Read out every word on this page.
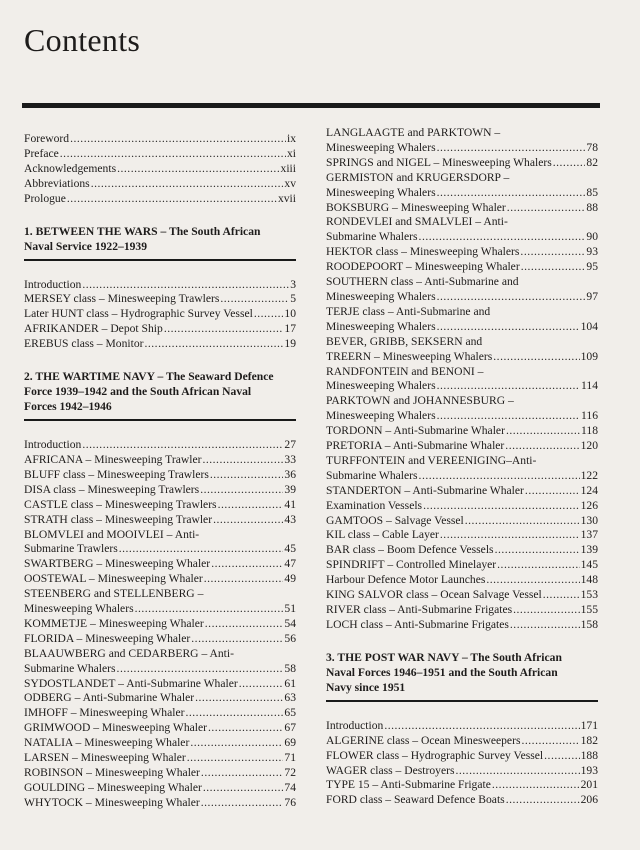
Contents
Foreword .....	ix
Preface .....	xi
Acknowledgements .....	xiii
Abbreviations .....	xv
Prologue .....	xvii
1. BETWEEN THE WARS – The South African
Naval Service 1922–1939
Introduction .....	3
MERSEY class – Minesweeping Trawlers .....	5
Later HUNT class – Hydrographic Survey Vessel .....	10
AFRIKANDER – Depot Ship .....	17
EREBUS class – Monitor .....	19
2. THE WARTIME NAVY – The Seaward Defence
Force 1939–1942 and the South African Naval
Forces 1942–1946
Introduction .....	27
AFRICANA – Minesweeping Trawler .....	33
BLUFF class – Minesweeping Trawlers .....	36
DISA class – Minesweeping Trawlers .....	39
CASTLE class – Minesweeping Trawlers .....	41
STRATH class – Minesweeping Trawler .....	43
BLOMVLEI and MOOIVLEI – Anti-
Submarine Trawlers .....	45
SWARTBERG – Minesweeping Whaler .....	47
OOSTEWAL – Minesweeping Whaler .....	49
STEENBERG and STELLENBERG –
Minesweeping Whalers .....	51
KOMMETJE – Minesweeping Whaler .....	54
FLORIDA – Minesweeping Whaler .....	56
BLAAUWBERG and CEDARBERG – Anti-
Submarine Whalers .....	58
SYDOSTLANDET – Anti-Submarine Whaler .....	61
ODBERG – Anti-Submarine Whaler .....	63
IMHOFF – Minesweeping Whaler .....	65
GRIMWOOD – Minesweeping Whaler .....	67
NATALIA – Minesweeping Whaler .....	69
LARSEN – Minesweeping Whaler .....	71
ROBINSON – Minesweeping Whaler .....	72
GOULDING – Minesweeping Whaler .....	74
WHYTOCK – Minesweeping Whaler .....	76
LANGLAAGTE and PARKTOWN –
Minesweeping Whalers .....	78
SPRINGS and NIGEL – Minesweeping Whalers .....	82
GERMISTON and KRUGERSDORP –
Minesweeping Whalers .....	85
BOKSBURG – Minesweeping Whaler .....	88
RONDEVLEI and SMALVLEI – Anti-
Submarine Whalers .....	90
HEKTOR class – Minesweeping Whalers .....	93
ROODEPOORT – Minesweeping Whaler .....	95
SOUTHERN class – Anti-Submarine and
Minesweeping Whalers .....	97
TERJE class – Anti-Submarine and
Minesweeping Whalers .....	104
BEVER, GRIBB, SEKSERN and
TREERN – Minesweeping Whalers .....	109
RANDFONTEIN and BENONI –
Minesweeping Whalers .....	114
PARKTOWN and JOHANNESBURG –
Minesweeping Whalers .....	116
TORDONN – Anti-Submarine Whaler .....	118
PRETORIA – Anti-Submarine Whaler .....	120
TURFFONTEIN and VEREENIGING–Anti-
Submarine Whalers .....	122
STANDERTON – Anti-Submarine Whaler .....	124
Examination Vessels .....	126
GAMTOOS – Salvage Vessel .....	130
KIL class – Cable Layer .....	137
BAR class – Boom Defence Vessels .....	139
SPINDRIFT – Controlled Minelayer .....	145
Harbour Defence Motor Launches .....	148
KING SALVOR class – Ocean Salvage Vessel .....	153
RIVER class – Anti-Submarine Frigates .....	155
LOCH class – Anti-Submarine Frigates .....	158
3. THE POST WAR NAVY – The South African
Naval Forces 1946–1951 and the South African
Navy since 1951
Introduction .....	171
ALGERINE class – Ocean Minesweepers .....	182
FLOWER class – Hydrographic Survey Vessel .....	188
WAGER class – Destroyers .....	193
TYPE 15 – Anti-Submarine Frigate .....	201
FORD class – Seaward Defence Boats .....	206
